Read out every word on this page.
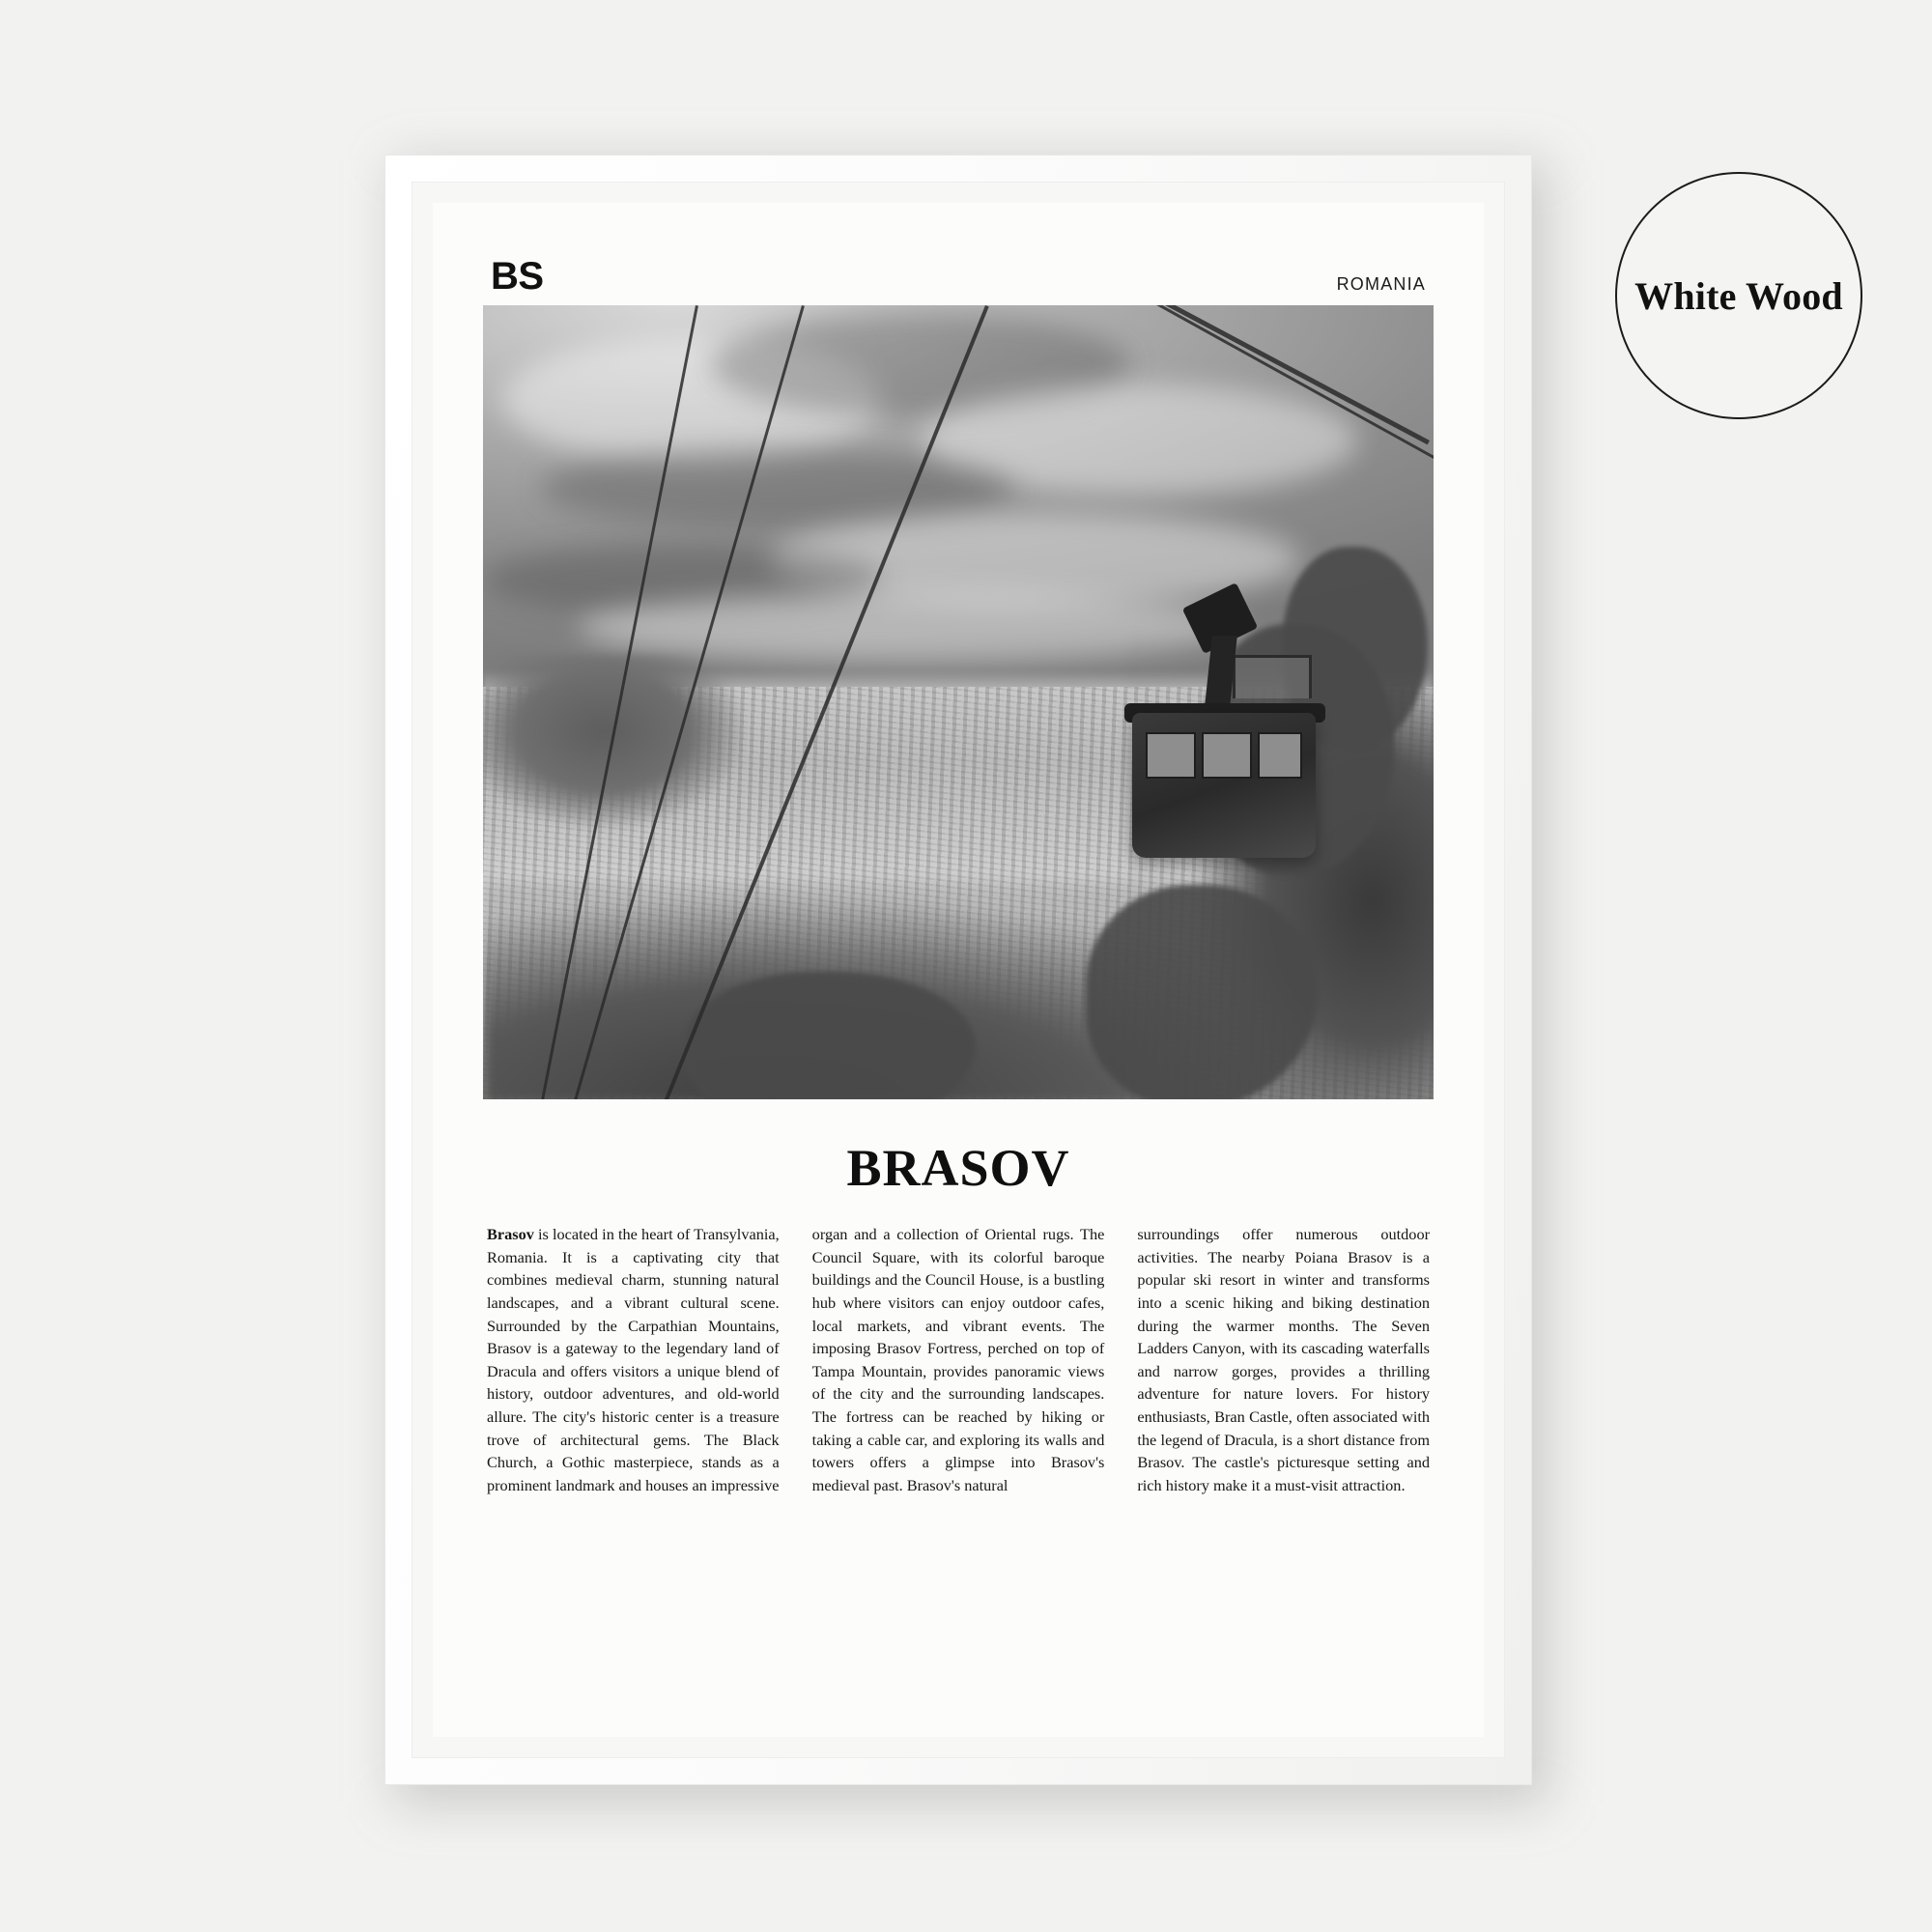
White Wood
BS	ROMANIA
BRASOV
Brasov is located in the heart of Transylvania, Romania. It is a captivating city that combines medieval charm, stunning natural landscapes, and a vibrant cultural scene. Surrounded by the Carpathian Mountains, Brasov is a gateway to the legendary land of Dracula and offers visitors a unique blend of history, outdoor adventures, and old-world allure. The city's historic center is a treasure trove of architectural gems. The Black Church, a Gothic masterpiece, stands as a prominent landmark and houses an impressive
organ and a collection of Oriental rugs. The Council Square, with its colorful baroque buildings and the Council House, is a bustling hub where visitors can enjoy outdoor cafes, local markets, and vibrant events. The imposing Brasov Fortress, perched on top of Tampa Mountain, provides panoramic views of the city and the surrounding landscapes. The fortress can be reached by hiking or taking a cable car, and exploring its walls and towers offers a glimpse into Brasov's medieval past. Brasov's natural
surroundings offer numerous outdoor activities. The nearby Poiana Brasov is a popular ski resort in winter and transforms into a scenic hiking and biking destination during the warmer months. The Seven Ladders Canyon, with its cascading waterfalls and narrow gorges, provides a thrilling adventure for nature lovers. For history enthusiasts, Bran Castle, often associated with the legend of Dracula, is a short distance from Brasov. The castle's picturesque setting and rich history make it a must-visit attraction.
